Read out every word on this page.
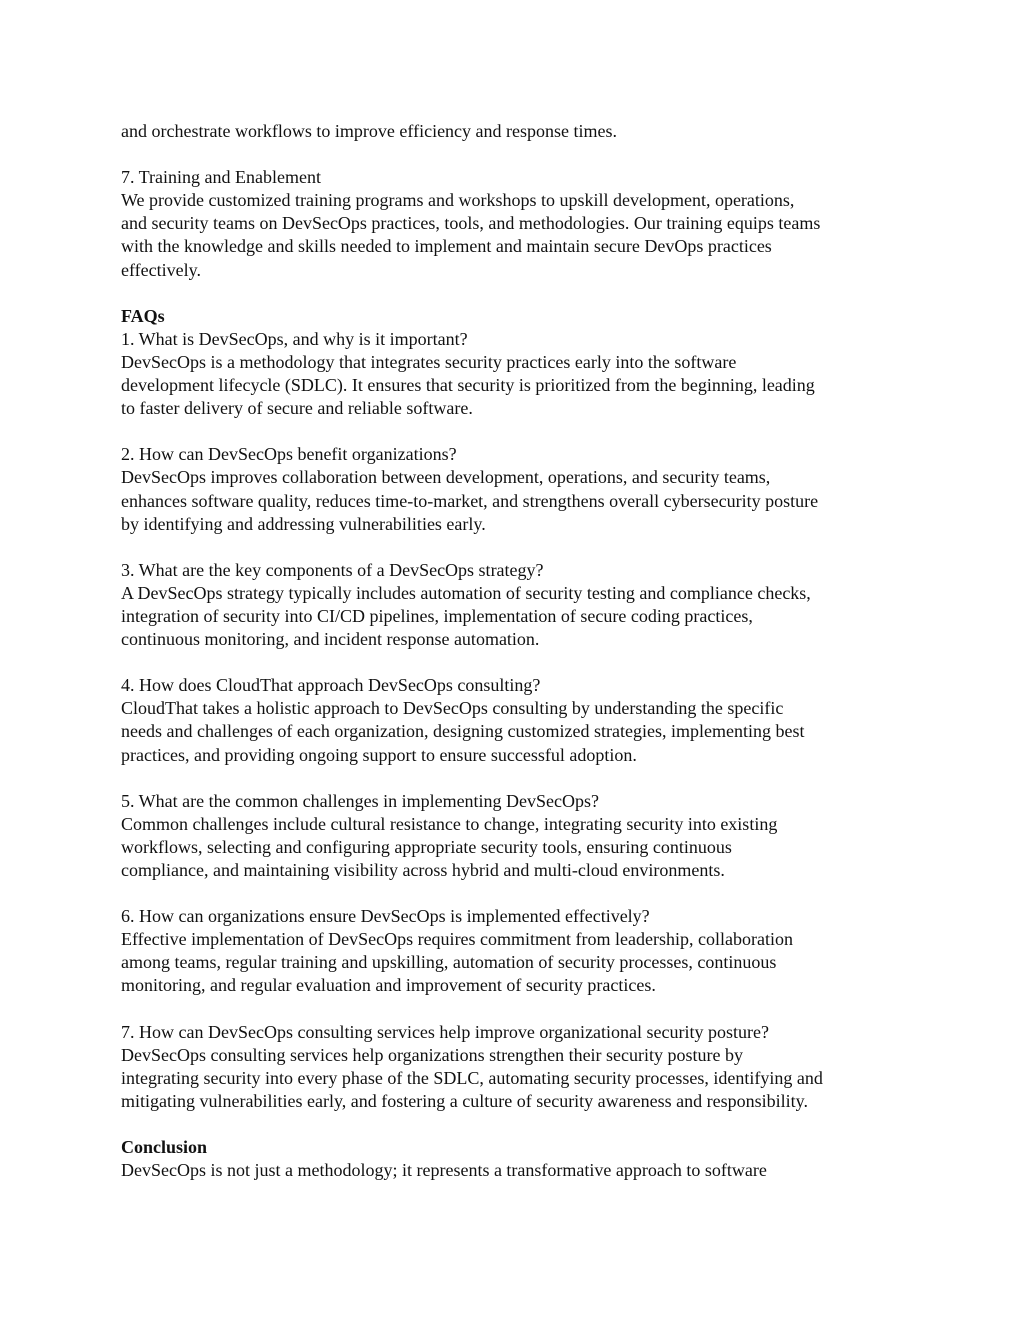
and orchestrate workflows to improve efficiency and response times.

7. Training and Enablement

We provide customized training programs and workshops to upskill development, operations,

and security teams on DevSecOps practices, tools, and methodologies. Our training equips teams

with the knowledge and skills needed to implement and maintain secure DevOps practices

effectively.

FAQs

1. What is DevSecOps, and why is it important?

DevSecOps is a methodology that integrates security practices early into the software

development lifecycle (SDLC). It ensures that security is prioritized from the beginning, leading

to faster delivery of secure and reliable software.

2. How can DevSecOps benefit organizations?

DevSecOps improves collaboration between development, operations, and security teams,

enhances software quality, reduces time-to-market, and strengthens overall cybersecurity posture

by identifying and addressing vulnerabilities early.

3. What are the key components of a DevSecOps strategy?

A DevSecOps strategy typically includes automation of security testing and compliance checks,

integration of security into CI/CD pipelines, implementation of secure coding practices,

continuous monitoring, and incident response automation.

4. How does CloudThat approach DevSecOps consulting?

CloudThat takes a holistic approach to DevSecOps consulting by understanding the specific

needs and challenges of each organization, designing customized strategies, implementing best

practices, and providing ongoing support to ensure successful adoption.

5. What are the common challenges in implementing DevSecOps?

Common challenges include cultural resistance to change, integrating security into existing

workflows, selecting and configuring appropriate security tools, ensuring continuous

compliance, and maintaining visibility across hybrid and multi-cloud environments.

6. How can organizations ensure DevSecOps is implemented effectively?

Effective implementation of DevSecOps requires commitment from leadership, collaboration

among teams, regular training and upskilling, automation of security processes, continuous

monitoring, and regular evaluation and improvement of security practices.

7. How can DevSecOps consulting services help improve organizational security posture?

DevSecOps consulting services help organizations strengthen their security posture by

integrating security into every phase of the SDLC, automating security processes, identifying and

mitigating vulnerabilities early, and fostering a culture of security awareness and responsibility.

Conclusion

DevSecOps is not just a methodology; it represents a transformative approach to software
